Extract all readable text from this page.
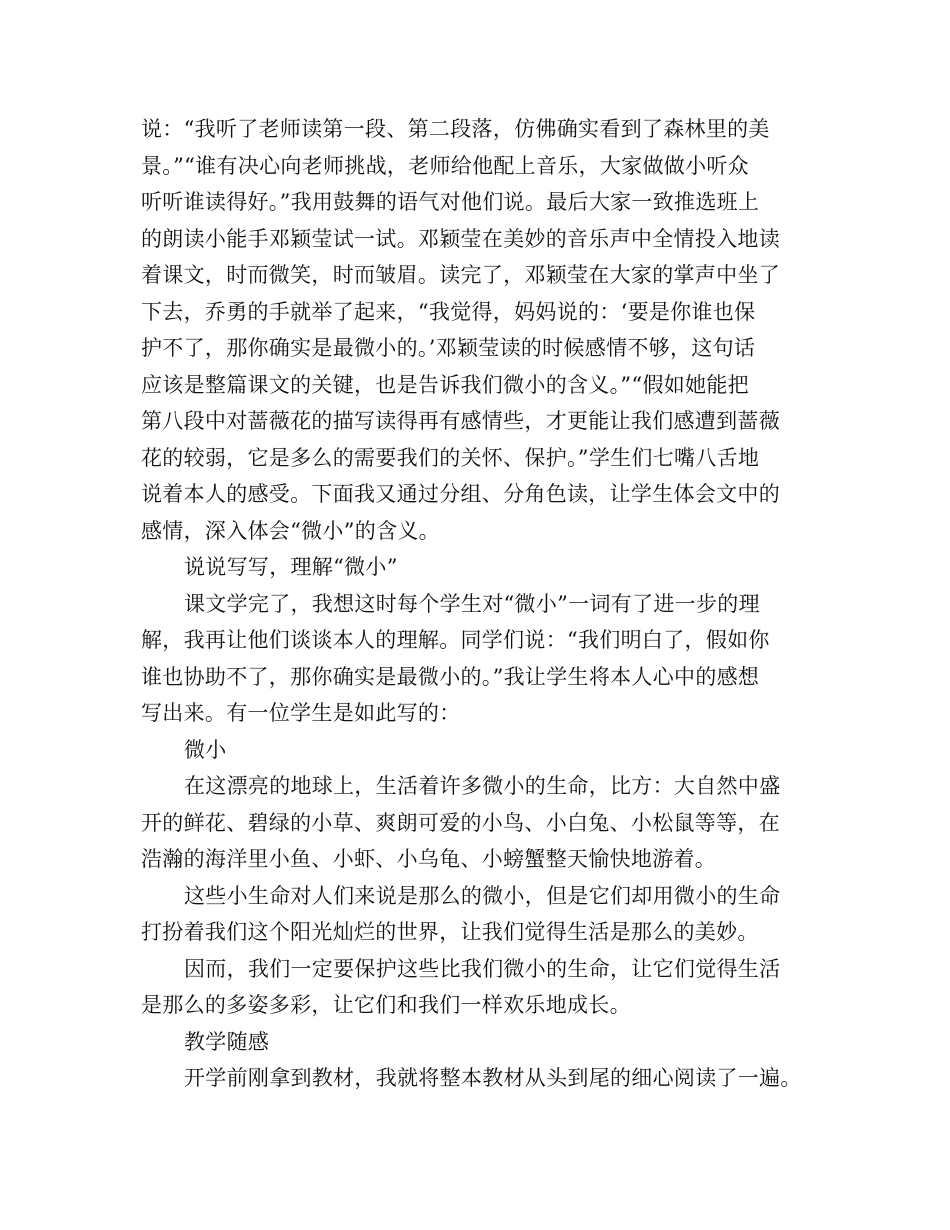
说：“我听了老师读第一段、第二段落，仿佛确实看到了森林里的美
景。”“谁有决心向老师挑战，老师给他配上音乐，大家做做小听众
听听谁读得好。”我用鼓舞的语气对他们说。最后大家一致推选班上
的朗读小能手邓颖莹试一试。邓颖莹在美妙的音乐声中全情投入地读
着课文，时而微笑，时而皱眉。读完了，邓颖莹在大家的掌声中坐了
下去，乔勇的手就举了起来，“我觉得，妈妈说的：‘要是你谁也保
护不了，那你确实是最微小的。’邓颖莹读的时候感情不够，这句话
应该是整篇课文的关键，也是告诉我们微小的含义。”“假如她能把
第八段中对蔷薇花的描写读得再有感情些，才更能让我们感遭到蔷薇
花的较弱，它是多么的需要我们的关怀、保护。”学生们七嘴八舌地
说着本人的感受。下面我又通过分组、分角色读，让学生体会文中的
感情，深入体会“微小”的含义。
说说写写，理解“微小”
课文学完了，我想这时每个学生对“微小”一词有了进一步的理
解，我再让他们谈谈本人的理解。同学们说：“我们明白了，假如你
谁也协助不了，那你确实是最微小的。”我让学生将本人心中的感想
写出来。有一位学生是如此写的：
微小
在这漂亮的地球上，生活着许多微小的生命，比方：大自然中盛
开的鲜花、碧绿的小草、爽朗可爱的小鸟、小白兔、小松鼠等等，在
浩瀚的海洋里小鱼、小虾、小乌龟、小螃蟹整天愉快地游着。
这些小生命对人们来说是那么的微小，但是它们却用微小的生命
打扮着我们这个阳光灿烂的世界，让我们觉得生活是那么的美妙。
因而，我们一定要保护这些比我们微小的生命，让它们觉得生活
是那么的多姿多彩，让它们和我们一样欢乐地成长。
教学随感
开学前刚拿到教材，我就将整本教材从头到尾的细心阅读了一遍。
